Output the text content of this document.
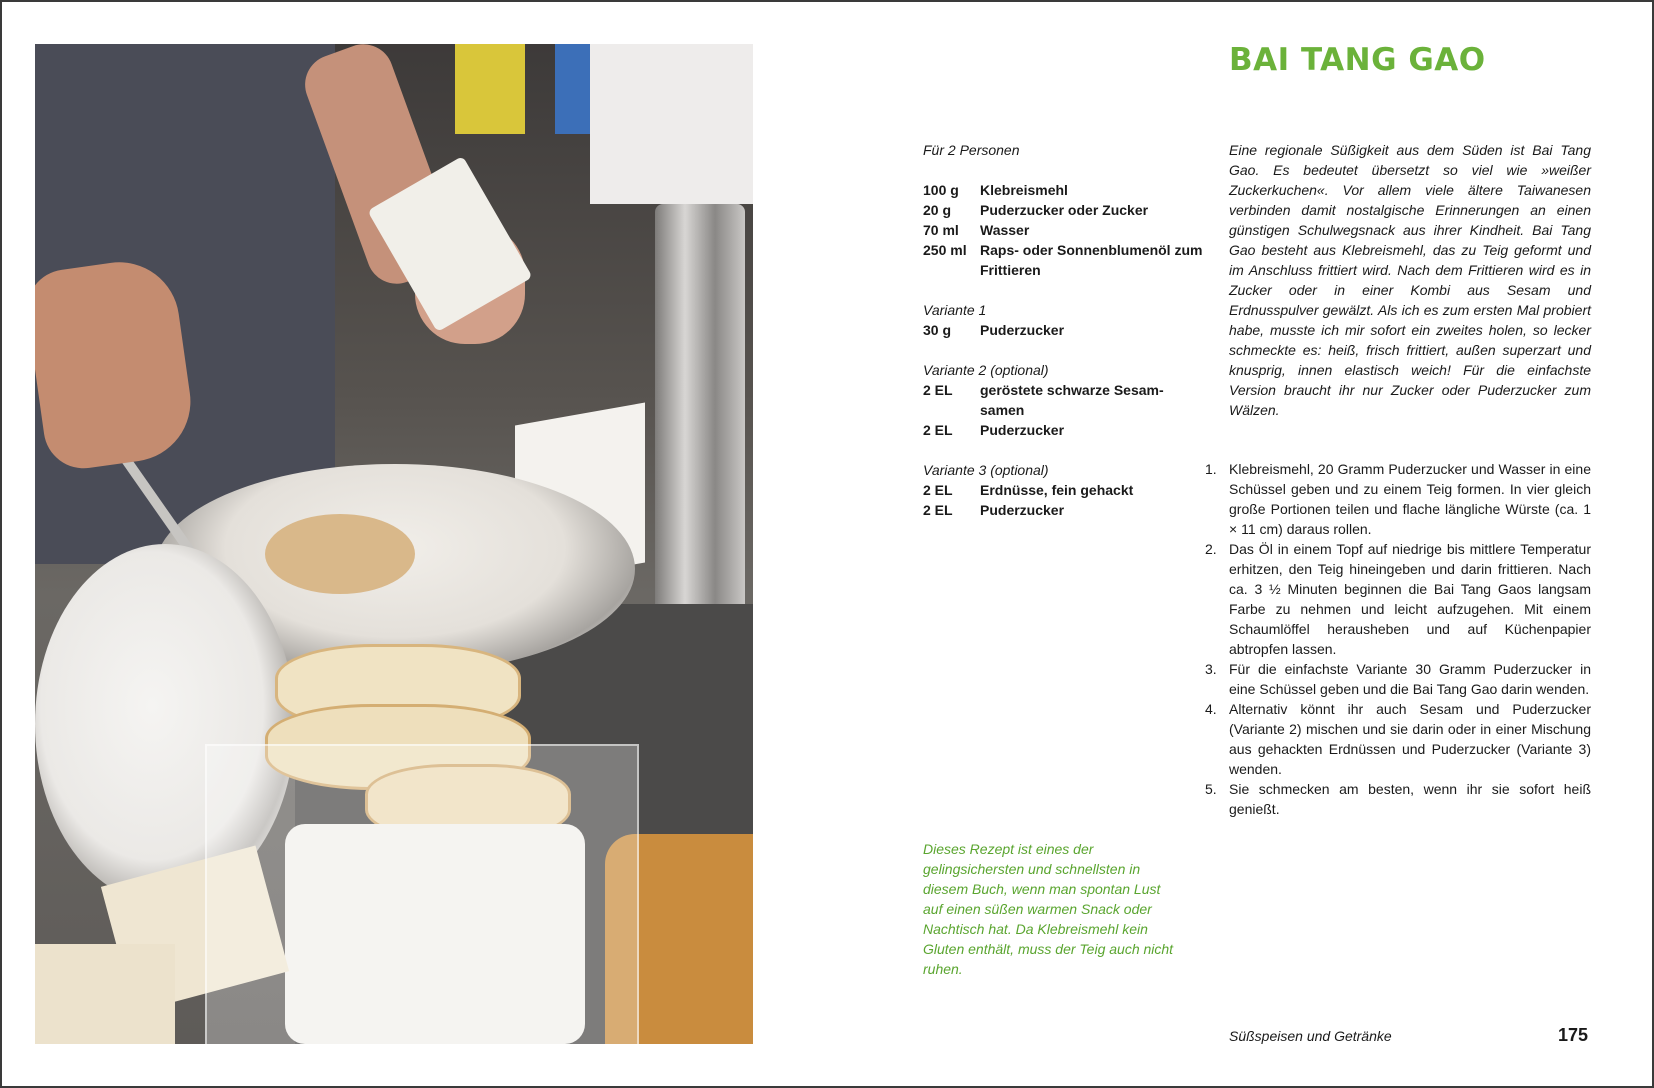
BAI TANG GAO
Für 2 Personen
100 g	Klebreismehl
20 g	Puderzucker oder Zucker
70 ml	Wasser
250 ml Raps- oder Sonnenblumenöl zum Frittieren
Variante 1
30 g	Puderzucker
Variante 2 (optional)
2 EL	geröstete schwarze Sesam-samen
2 EL	Puderzucker
Variante 3 (optional)
2 EL	Erdnüsse, fein gehackt
2 EL	Puderzucker
Eine regionale Süßigkeit aus dem Süden ist Bai Tang Gao. Es bedeutet übersetzt so viel wie »weißer Zuckerkuchen«. Vor allem viele ältere Taiwanesen verbinden damit nostalgische Erinnerungen an einen günstigen Schulwegsnack aus ihrer Kindheit. Bai Tang Gao besteht aus Klebreismehl, das zu Teig geformt und im Anschluss frittiert wird. Nach dem Frittieren wird es in Zucker oder in einer Kombi aus Sesam und Erdnusspulver gewälzt. Als ich es zum ersten Mal probiert habe, musste ich mir sofort ein zweites holen, so lecker schmeckte es: heiß, frisch frittiert, außen superzart und knusprig, innen elastisch weich! Für die einfachste Version braucht ihr nur Zucker oder Puderzucker zum Wälzen.
1. Klebreismehl, 20 Gramm Puderzucker und Wasser in eine Schüssel geben und zu einem Teig formen. In vier gleich große Portionen teilen und flache längliche Würste (ca. 1 × 11 cm) daraus rollen.
2. Das Öl in einem Topf auf niedrige bis mittlere Temperatur erhitzen, den Teig hineingeben und darin frittieren. Nach ca. 3 ½ Minuten beginnen die Bai Tang Gaos langsam Farbe zu nehmen und leicht aufzugehen. Mit einem Schaumlöffel herausheben und auf Küchenpapier abtropfen lassen.
3. Für die einfachste Variante 30 Gramm Puderzucker in eine Schüssel geben und die Bai Tang Gao darin wenden.
4. Alternativ könnt ihr auch Sesam und Puderzucker (Variante 2) mischen und sie darin oder in einer Mischung aus gehackten Erdnüssen und Puderzucker (Variante 3) wenden.
5. Sie schmecken am besten, wenn ihr sie sofort heiß genießt.
Dieses Rezept ist eines der gelingsichersten und schnellsten in diesem Buch, wenn man spontan Lust auf einen süßen warmen Snack oder Nachtisch hat. Da Klebreismehl kein Gluten enthält, muss der Teig auch nicht ruhen.
Süßspeisen und Getränke	175
